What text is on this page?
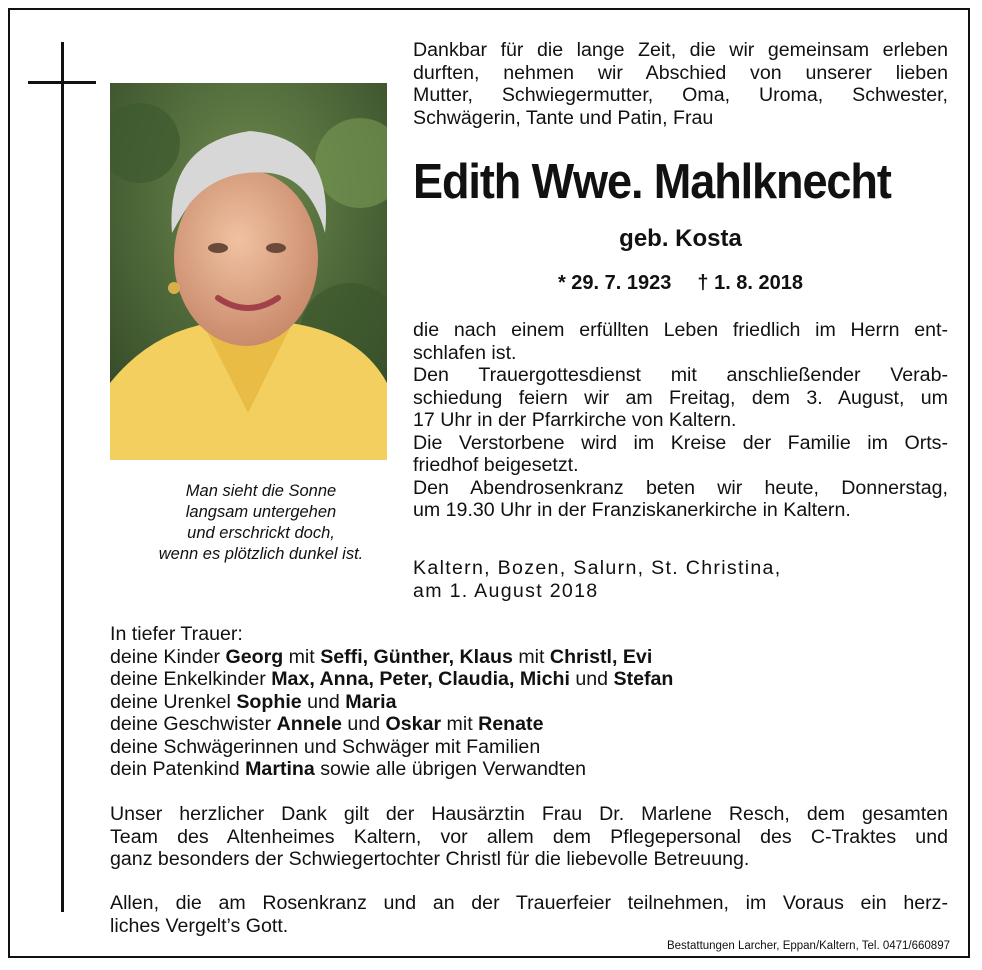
Man sieht die Sonne
langsam untergehen
und erschrickt doch,
wenn es plötzlich dunkel ist.
Dankbar für die lange Zeit, die wir gemeinsam erleben
durften, nehmen wir Abschied von unserer lieben
Mutter, Schwiegermutter, Oma, Uroma, Schwester,
Schwägerin, Tante und Patin, Frau
Edith Wwe. Mahlknecht
geb. Kosta
* 29. 7. 1923 † 1. 8. 2018
die nach einem erfüllten Leben friedlich im Herrn ent-
schlafen ist.
Den Trauergottesdienst mit anschließender Verab-
schiedung feiern wir am Freitag, dem 3. August, um
17 Uhr in der Pfarrkirche von Kaltern.
Die Verstorbene wird im Kreise der Familie im Orts-
friedhof beigesetzt.
Den Abendrosenkranz beten wir heute, Donnerstag,
um 19.30 Uhr in der Franziskanerkirche in Kaltern.
Kaltern, Bozen, Salurn, St. Christina,
am 1. August 2018
In tiefer Trauer:
deine Kinder Georg mit Seffi, Günther, Klaus mit Christl, Evi
deine Enkelkinder Max, Anna, Peter, Claudia, Michi und Stefan
deine Urenkel Sophie und Maria
deine Geschwister Annele und Oskar mit Renate
deine Schwägerinnen und Schwäger mit Familien
dein Patenkind Martina sowie alle übrigen Verwandten
Unser herzlicher Dank gilt der Hausärztin Frau Dr. Marlene Resch, dem gesamten
Team des Altenheimes Kaltern, vor allem dem Pflegepersonal des C-Traktes und
ganz besonders der Schwiegertochter Christl für die liebevolle Betreuung.
Allen, die am Rosenkranz und an der Trauerfeier teilnehmen, im Voraus ein herz-
liches Vergelt’s Gott.
Bestattungen Larcher, Eppan/Kaltern, Tel. 0471/660897
